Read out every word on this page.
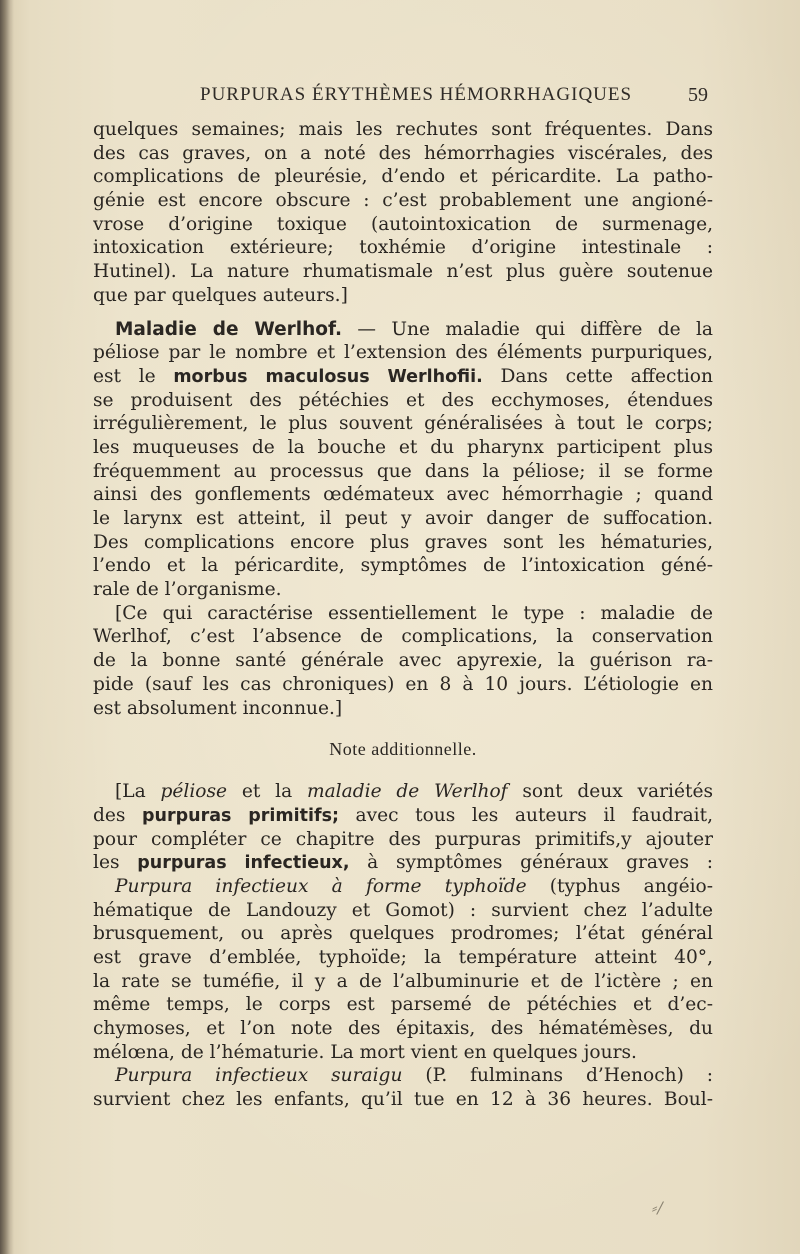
PURPURAS ÉRYTHÈMES HÉMORRHAGIQUES	59
quelques semaines; mais les rechutes sont fréquentes. Dans
des cas graves, on a noté des hémorrhagies viscérales, des
complications de pleurésie, d’endo et péricardite. La patho-
génie est encore obscure : c’est probablement une angioné-
vrose d’origine toxique (autointoxication de surmenage,
intoxication extérieure; toxhémie d’origine intestinale :
Hutinel). La nature rhumatismale n’est plus guère soutenue
que par quelques auteurs.]
Maladie de Werlhof. — Une maladie qui diffère de la
péliose par le nombre et l’extension des éléments purpuriques,
est le morbus maculosus Werlhofii. Dans cette affection
se produisent des pétéchies et des ecchymoses, étendues
irrégulièrement, le plus souvent généralisées à tout le corps;
les muqueuses de la bouche et du pharynx participent plus
fréquemment au processus que dans la péliose; il se forme
ainsi des gonflements œdémateux avec hémorrhagie ; quand
le larynx est atteint, il peut y avoir danger de suffocation.
Des complications encore plus graves sont les hématuries,
l’endo et la péricardite, symptômes de l’intoxication géné-
rale de l’organisme.
[Ce qui caractérise essentiellement le type : maladie de
Werlhof, c’est l’absence de complications, la conservation
de la bonne santé générale avec apyrexie, la guérison ra-
pide (sauf les cas chroniques) en 8 à 10 jours. L’étiologie en
est absolument inconnue.]
Note additionnelle.
[La péliose et la maladie de Werlhof sont deux variétés
des purpuras primitifs; avec tous les auteurs il faudrait,
pour compléter ce chapitre des purpuras primitifs,y ajouter
les purpuras infectieux, à symptômes généraux graves :
Purpura infectieux à forme typhoïde (typhus angéio-
hématique de Landouzy et Gomot) : survient chez l’adulte
brusquement, ou après quelques prodromes; l’état général
est grave d’emblée, typhoïde; la température atteint 40°,
la rate se tuméfie, il y a de l’albuminurie et de l’ictère ; en
même temps, le corps est parsemé de pétéchies et d’ec-
chymoses, et l’on note des épitaxis, des hématémèses, du
mélœna, de l’hématurie. La mort vient en quelques jours.
Purpura infectieux suraigu (P. fulminans d’Henoch) :
survient chez les enfants, qu’il tue en 12 à 36 heures. Boul-
⸗/
